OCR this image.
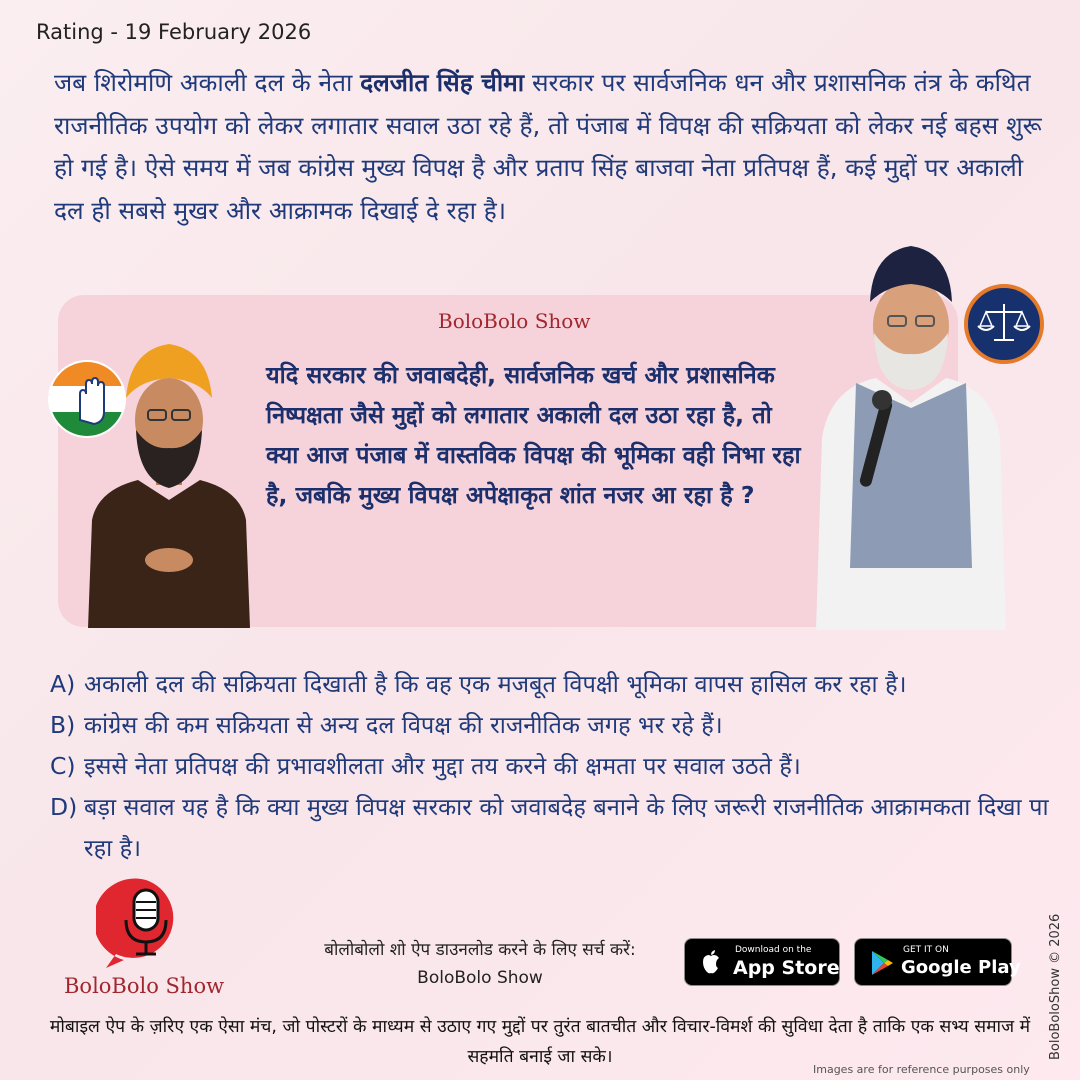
Rating - 19 February 2026
जब शिरोमणि अकाली दल के नेता दलजीत सिंह चीमा सरकार पर सार्वजनिक धन और प्रशासनिक तंत्र के कथित राजनीतिक उपयोग को लेकर लगातार सवाल उठा रहे हैं, तो पंजाब में विपक्ष की सक्रियता को लेकर नई बहस शुरू हो गई है। ऐसे समय में जब कांग्रेस मुख्य विपक्ष है और प्रताप सिंह बाजवा नेता प्रतिपक्ष हैं, कई मुद्दों पर अकाली दल ही सबसे मुखर और आक्रामक दिखाई दे रहा है।
BoloBolo Show
यदि सरकार की जवाबदेही, सार्वजनिक खर्च और प्रशासनिक निष्पक्षता जैसे मुद्दों को लगातार अकाली दल उठा रहा है, तो क्या आज पंजाब में वास्तविक विपक्ष की भूमिका वही निभा रहा है, जबकि मुख्य विपक्ष अपेक्षाकृत शांत नजर आ रहा है ?
A) अकाली दल की सक्रियता दिखाती है कि वह एक मजबूत विपक्षी भूमिका वापस हासिल कर रहा है।
B) कांग्रेस की कम सक्रियता से अन्य दल विपक्ष की राजनीतिक जगह भर रहे हैं।
C) इससे नेता प्रतिपक्ष की प्रभावशीलता और मुद्दा तय करने की क्षमता पर सवाल उठते हैं।
D) बड़ा सवाल यह है कि क्या मुख्य विपक्ष सरकार को जवाबदेह बनाने के लिए जरूरी राजनीतिक आक्रामकता दिखा पा रहा है।
BoloBolo Show
बोलोबोलो शो ऐप डाउनलोड करने के लिए सर्च करें:
BoloBolo Show
Download on the
App Store
GET IT ON
Google Play
मोबाइल ऐप के ज़रिए एक ऐसा मंच, जो पोस्टरों के माध्यम से उठाए गए मुद्दों पर तुरंत बातचीत और विचार-विमर्श की सुविधा देता है ताकि एक सभ्य समाज में सहमति बनाई जा सके।	BoloBoloShow © 2026
Images are for reference purposes only
